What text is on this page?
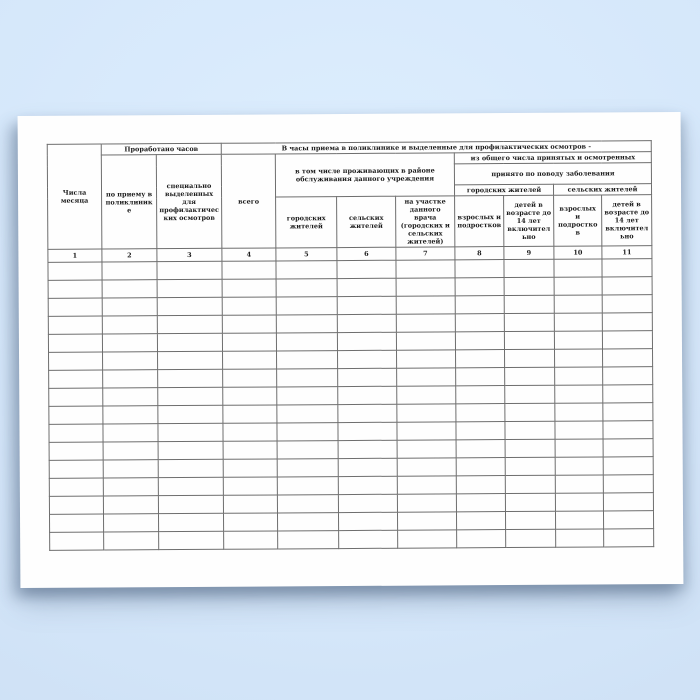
Числа месяца	Проработано часов		В часы приема в поликлинике и выделенные для профилактических осмотров -							
	по приему в поликлинике	специально выделенных для профилактических осмотров	всего	в том числе проживающих в районе обслуживания данного учреждения			из общего числа принятых и осмотренных			
							принято по поводу заболевания			
							городских жителей		сельских жителей	
				городских жителей	сельских жителей	на участке данного врача (городских и сельских жителей)	взрослых и подростков	детей в возрасте до 14 лет включительно	взрослых и подростков	детей в возрасте до 14 лет включительно
1	2	3	4	5	6	7	8	9	10	11
